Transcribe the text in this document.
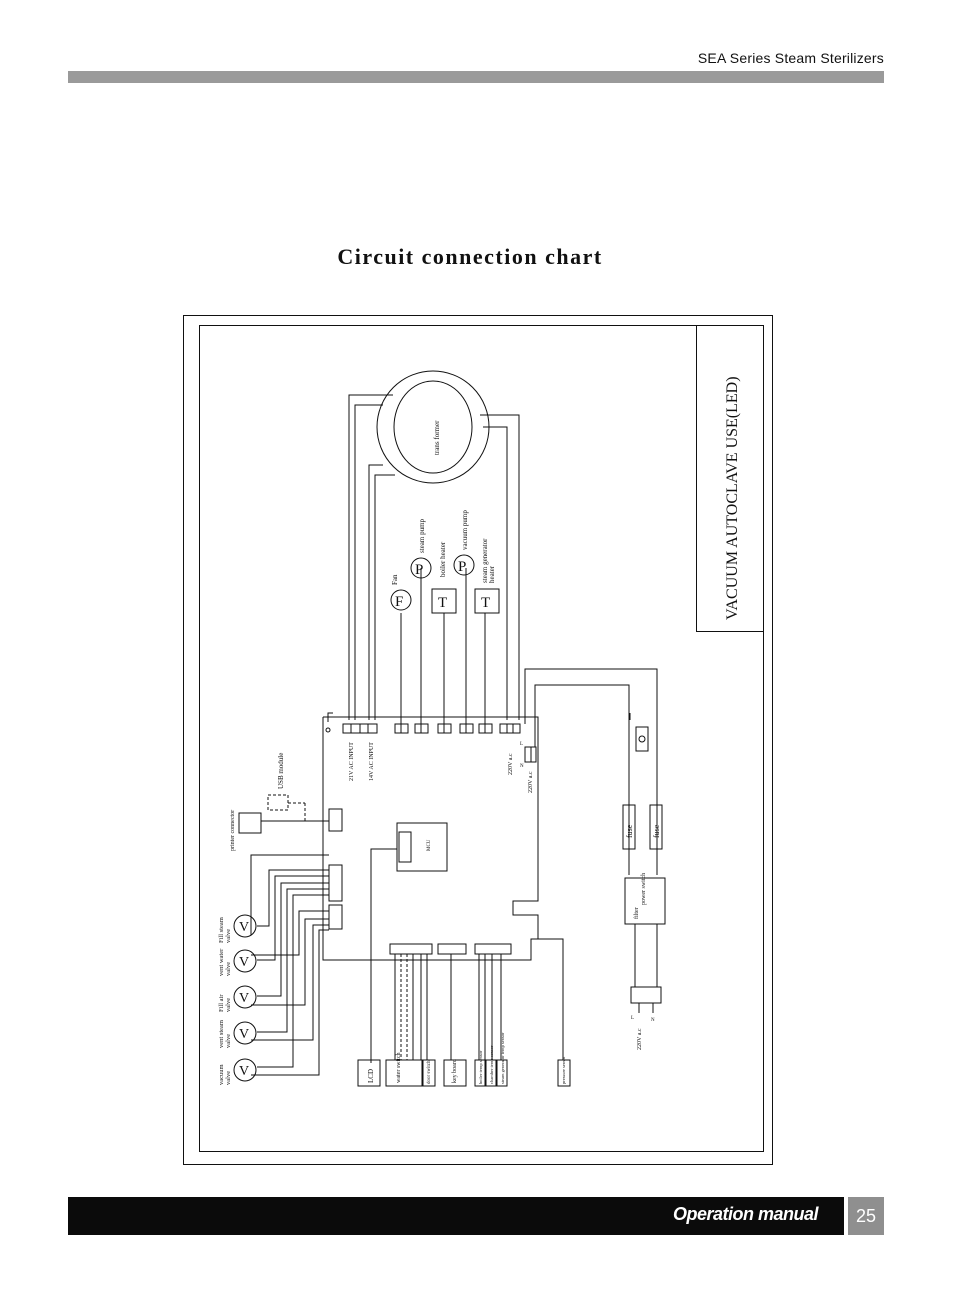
SEA Series Steam Sterilizers
Circuit connection chart
VACUUM AUTOCLAVE USE(LED)
trans former
F
Fan
P
steam pump
T
boiler heater P
vacuum pump
T
steam generator heater
21V AC INPUT 14V AC INPUT	220V a.c
220V a.c
L
N
MCU
USB module
printer connector
V
V
V
V
V
vacuum valve
vent steam valve
Fill air valve
vent water valve
Fill steam valve
LCD	water switch	door switch	key board	boiler temp sensor chamber temp sensor steam generator temp sensor	pressure sensor
fuse fuse
filter
power switch
220V a.c
L	N
Operation manual	25
